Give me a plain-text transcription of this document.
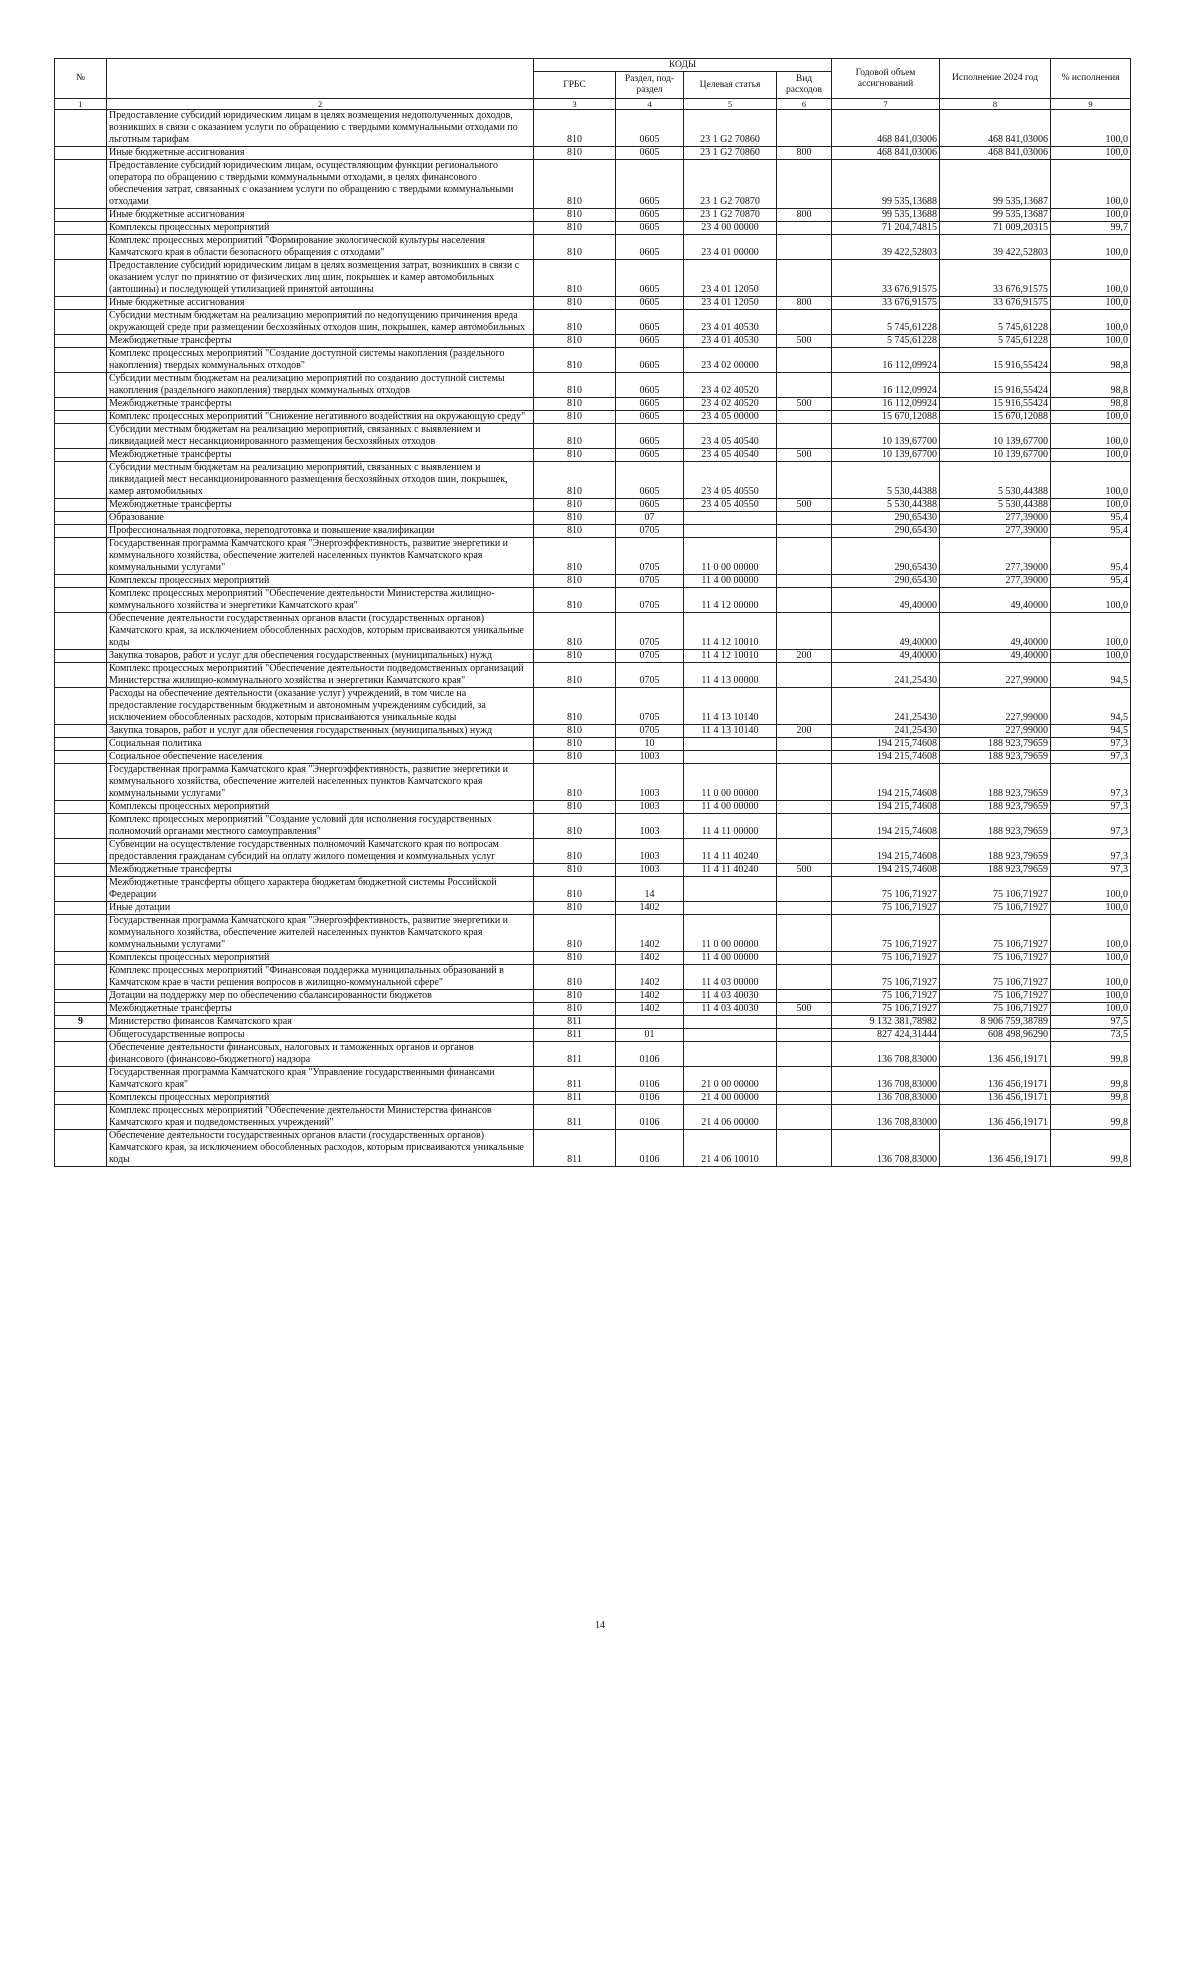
№		КОДЫ				Годовой объем ассигнований	Исполнение 2024 год	% исполнения
		ГРБС	Раздел, под-раздел	Целевая статья	Вид расходов			
1	2	3	4	5	6	7	8	9
	Предоставление субсидий юридическим лицам в целях возмещения недополученных доходов, возникших в связи с оказанием услуги по обращению с твердыми коммунальными отходами по льготным тарифам	810	0605	23 1 G2 70860		468 841,03006	468 841,03006	100,0
	Иные бюджетные ассигнования	810	0605	23 1 G2 70860	800	468 841,03006	468 841,03006	100,0
	Предоставление субсидий юридическим лицам, осуществляющим функции регионального оператора по обращению с твердыми коммунальными отходами, в целях финансового обеспечения затрат, связанных с оказанием услуги по обращению с твердыми коммунальными отходами	810	0605	23 1 G2 70870		99 535,13688	99 535,13687	100,0
	Иные бюджетные ассигнования	810	0605	23 1 G2 70870	800	99 535,13688	99 535,13687	100,0
	Комплексы процессных мероприятий	810	0605	23 4 00 00000		71 204,74815	71 009,20315	99,7
	Комплекс процессных мероприятий "Формирование экологической культуры населения Камчатского края в области безопасного обращения с отходами"	810	0605	23 4 01 00000		39 422,52803	39 422,52803	100,0
	Предоставление субсидий юридическим лицам в целях возмещения затрат, возникших в связи с оказанием услуг по принятию от физических лиц шин, покрышек и камер автомобильных (автошины) и последующей утилизацией принятой автошины	810	0605	23 4 01 12050		33 676,91575	33 676,91575	100,0
	Иные бюджетные ассигнования	810	0605	23 4 01 12050	800	33 676,91575	33 676,91575	100,0
	Субсидии местным бюджетам на реализацию мероприятий по недопущению причинения вреда окружающей среде при размещении бесхозяйных отходов шин, покрышек, камер автомобильных	810	0605	23 4 01 40530		5 745,61228	5 745,61228	100,0
	Межбюджетные трансферты	810	0605	23 4 01 40530	500	5 745,61228	5 745,61228	100,0
	Комплекс процессных мероприятий "Создание доступной системы накопления (раздельного накопления) твердых коммунальных отходов"	810	0605	23 4 02 00000		16 112,09924	15 916,55424	98,8
	Субсидии местным бюджетам на реализацию мероприятий по созданию доступной системы накопления (раздельного накопления) твердых коммунальных отходов	810	0605	23 4 02 40520		16 112,09924	15 916,55424	98,8
	Межбюджетные трансферты	810	0605	23 4 02 40520	500	16 112,09924	15 916,55424	98,8
	Комплекс процессных мероприятий "Снижение негативного воздействия на окружающую среду"	810	0605	23 4 05 00000		15 670,12088	15 670,12088	100,0
	Субсидии местным бюджетам на реализацию мероприятий, связанных с выявлением и ликвидацией мест несанкционированного размещения бесхозяйных отходов	810	0605	23 4 05 40540		10 139,67700	10 139,67700	100,0
	Межбюджетные трансферты	810	0605	23 4 05 40540	500	10 139,67700	10 139,67700	100,0
	Субсидии местным бюджетам на реализацию мероприятий, связанных с выявлением и ликвидацией мест несанкционированного размещения бесхозяйных отходов шин, покрышек, камер автомобильных	810	0605	23 4 05 40550		5 530,44388	5 530,44388	100,0
	Межбюджетные трансферты	810	0605	23 4 05 40550	500	5 530,44388	5 530,44388	100,0
	Образование	810	07			290,65430	277,39000	95,4
	Профессиональная подготовка, переподготовка и повышение квалификации	810	0705			290,65430	277,39000	95,4
	Государственная программа Камчатского края "Энергоэффективность, развитие энергетики и коммунального хозяйства, обеспечение жителей населенных пунктов Камчатского края коммунальными услугами"	810	0705	11 0 00 00000		290,65430	277,39000	95,4
	Комплексы процессных мероприятий	810	0705	11 4 00 00000		290,65430	277,39000	95,4
	Комплекс процессных мероприятий "Обеспечение деятельности Министерства жилищно-коммунального хозяйства и энергетики Камчатского края"	810	0705	11 4 12 00000		49,40000	49,40000	100,0
	Обеспечение деятельности государственных органов власти (государственных органов) Камчатского края, за исключением обособленных расходов, которым присваиваются уникальные коды	810	0705	11 4 12 10010		49,40000	49,40000	100,0
	Закупка товаров, работ и услуг для обеспечения государственных (муниципальных) нужд	810	0705	11 4 12 10010	200	49,40000	49,40000	100,0
	Комплекс процессных мероприятий "Обеспечение деятельности подведомственных организаций Министерства жилищно-коммунального хозяйства и энергетики Камчатского края"	810	0705	11 4 13 00000		241,25430	227,99000	94,5
	Расходы на обеспечение деятельности (оказание услуг) учреждений, в том числе на предоставление государственным бюджетным и автономным учреждениям субсидий, за исключением обособленных расходов, которым присваиваются уникальные коды	810	0705	11 4 13 10140		241,25430	227,99000	94,5
	Закупка товаров, работ и услуг для обеспечения государственных (муниципальных) нужд	810	0705	11 4 13 10140	200	241,25430	227,99000	94,5
	Социальная политика	810	10			194 215,74608	188 923,79659	97,3
	Социальное обеспечение населения	810	1003			194 215,74608	188 923,79659	97,3
	Государственная программа Камчатского края "Энергоэффективность, развитие энергетики и коммунального хозяйства, обеспечение жителей населенных пунктов Камчатского края коммунальными услугами"	810	1003	11 0 00 00000		194 215,74608	188 923,79659	97,3
	Комплексы процессных мероприятий	810	1003	11 4 00 00000		194 215,74608	188 923,79659	97,3
	Комплекс процессных мероприятий "Создание условий для исполнения государственных полномочий органами местного самоуправления"	810	1003	11 4 11 00000		194 215,74608	188 923,79659	97,3
	Субвенции на осуществление государственных полномочий Камчатского края по вопросам предоставления гражданам субсидий на оплату жилого помещения и коммунальных услуг	810	1003	11 4 11 40240		194 215,74608	188 923,79659	97,3
	Межбюджетные трансферты	810	1003	11 4 11 40240	500	194 215,74608	188 923,79659	97,3
	Межбюджетные трансферты общего характера бюджетам бюджетной системы Российской Федерации	810	14			75 106,71927	75 106,71927	100,0
	Иные дотации	810	1402			75 106,71927	75 106,71927	100,0
	Государственная программа Камчатского края "Энергоэффективность, развитие энергетики и коммунального хозяйства, обеспечение жителей населенных пунктов Камчатского края коммунальными услугами"	810	1402	11 0 00 00000		75 106,71927	75 106,71927	100,0
	Комплексы процессных мероприятий	810	1402	11 4 00 00000		75 106,71927	75 106,71927	100,0
	Комплекс процессных мероприятий "Финансовая поддержка муниципальных образований в Камчатском крае в части решения вопросов в жилищно-коммунальной сфере"	810	1402	11 4 03 00000		75 106,71927	75 106,71927	100,0
	Дотации на поддержку мер по обеспечению сбалансированности бюджетов	810	1402	11 4 03 40030		75 106,71927	75 106,71927	100,0
	Межбюджетные трансферты	810	1402	11 4 03 40030	500	75 106,71927	75 106,71927	100,0
9	Министерство финансов Камчатского края	811				9 132 381,78982	8 906 759,38789	97,5
	Общегосударственные вопросы	811	01			827 424,31444	608 498,96290	73,5
	Обеспечение деятельности финансовых, налоговых и таможенных органов и органов финансового (финансово-бюджетного) надзора	811	0106			136 708,83000	136 456,19171	99,8
	Государственная программа Камчатского края "Управление государственными финансами Камчатского края"	811	0106	21 0 00 00000		136 708,83000	136 456,19171	99,8
	Комплексы процессных мероприятий	811	0106	21 4 00 00000		136 708,83000	136 456,19171	99,8
	Комплекс процессных мероприятий "Обеспечение деятельности Министерства финансов Камчатского края и подведомственных учреждений"	811	0106	21 4 06 00000		136 708,83000	136 456,19171	99,8
	Обеспечение деятельности государственных органов власти (государственных органов) Камчатского края, за исключением обособленных расходов, которым присваиваются уникальные коды	811	0106	21 4 06 10010		136 708,83000	136 456,19171	99,8
14
